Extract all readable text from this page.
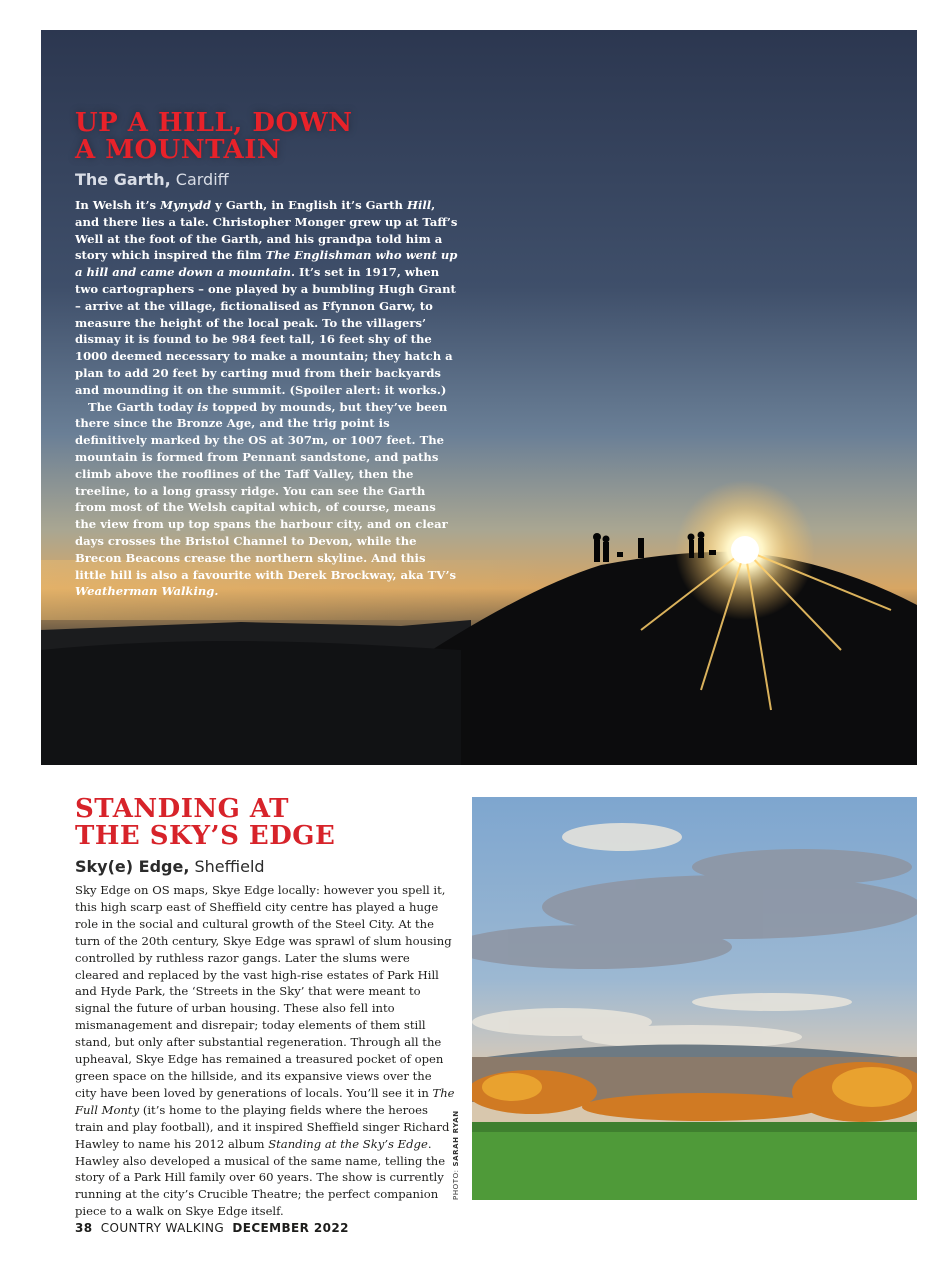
UP A HILL, DOWN
A MOUNTAIN
The Garth, Cardiff

In Welsh it’s Mynydd y Garth, in English it’s Garth Hill, and there lies a tale. Christopher Monger grew up at Taff’s Well at the foot of the Garth, and his grandpa told him a story which inspired the film The Englishman who went up a hill and came down a mountain. It’s set in 1917, when two cartographers – one played by a bumbling Hugh Grant – arrive at the village, fictionalised as Ffynnon Garw, to measure the height of the local peak. To the villagers’ dismay it is found to be 984 feet tall, 16 feet shy of the 1000 deemed necessary to make a mountain; they hatch a plan to add 20 feet by carting mud from their backyards and mounding it on the summit. (Spoiler alert: it works.)

The Garth today is topped by mounds, but they’ve been there since the Bronze Age, and the trig point is definitively marked by the OS at 307m, or 1007 feet. The mountain is formed from Pennant sandstone, and paths climb above the rooflines of the Taff Valley, then the treeline, to a long grassy ridge. You can see the Garth from most of the Welsh capital which, of course, means the view from up top spans the harbour city, and on clear days crosses the Bristol Channel to Devon, while the Brecon Beacons crease the northern skyline. And this little hill is also a favourite with Derek Brockway, aka TV’s Weatherman Walking.

STANDING AT
THE SKY’S EDGE
Sky(e) Edge, Sheffield

Sky Edge on OS maps, Skye Edge locally: however you spell it, this high scarp east of Sheffield city centre has played a huge role in the social and cultural growth of the Steel City. At the turn of the 20th century, Skye Edge was sprawl of slum housing controlled by ruthless razor gangs. Later the slums were cleared and replaced by the vast high-rise estates of Park Hill and Hyde Park, the ‘Streets in the Sky’ that were meant to signal the future of urban housing. These also fell into mismanagement and disrepair; today elements of them still stand, but only after substantial regeneration. Through all the upheaval, Skye Edge has remained a treasured pocket of open green space on the hillside, and its expansive views over the city have been loved by generations of locals. You’ll see it in The Full Monty (it’s home to the playing fields where the heroes train and play football), and it inspired Sheffield singer Richard Hawley to name his 2012 album Standing at the Sky’s Edge. Hawley also developed a musical of the same name, telling the story of a Park Hill family over 60 years. The show is currently running at the city’s Crucible Theatre; the perfect companion piece to a walk on Skye Edge itself.

PHOTO: SARAH RYAN
38 COUNTRY WALKING DECEMBER 2022
